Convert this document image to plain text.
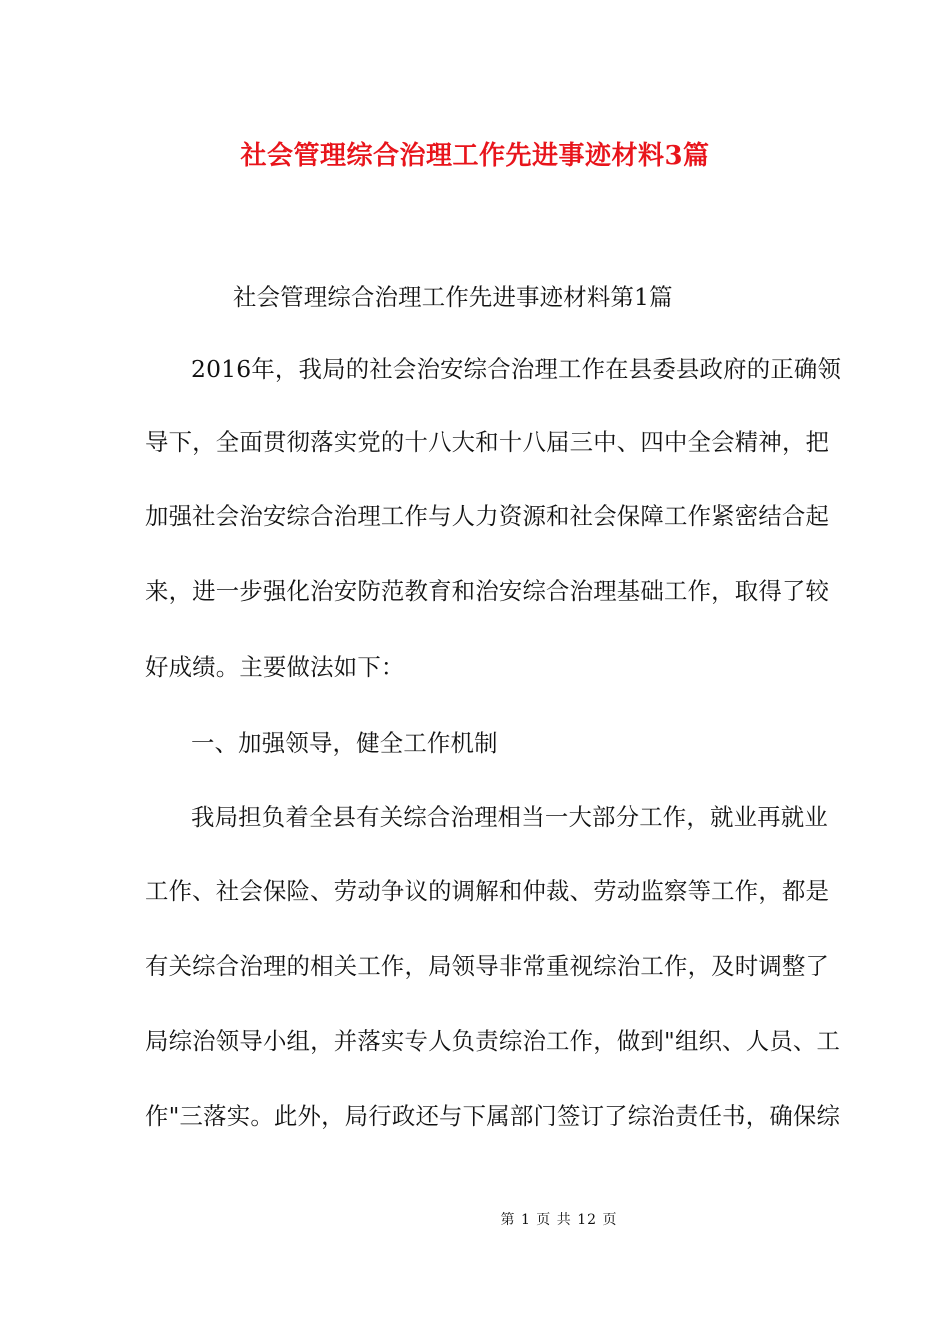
社会管理综合治理工作先进事迹材料3篇
社会管理综合治理工作先进事迹材料第1篇
2016年，我局的社会治安综合治理工作在县委县政府的正确领
导下，全面贯彻落实党的十八大和十八届三中、四中全会精神，把
加强社会治安综合治理工作与人力资源和社会保障工作紧密结合起
来，进一步强化治安防范教育和治安综合治理基础工作，取得了较
好成绩。主要做法如下：
一、加强领导，健全工作机制
我局担负着全县有关综合治理相当一大部分工作，就业再就业
工作、社会保险、劳动争议的调解和仲裁、劳动监察等工作，都是
有关综合治理的相关工作，局领导非常重视综治工作，及时调整了
局综治领导小组，并落实专人负责综治工作，做到"组织、人员、工
作"三落实。此外，局行政还与下属部门签订了综治责任书，确保综
第 1 页 共 12 页
